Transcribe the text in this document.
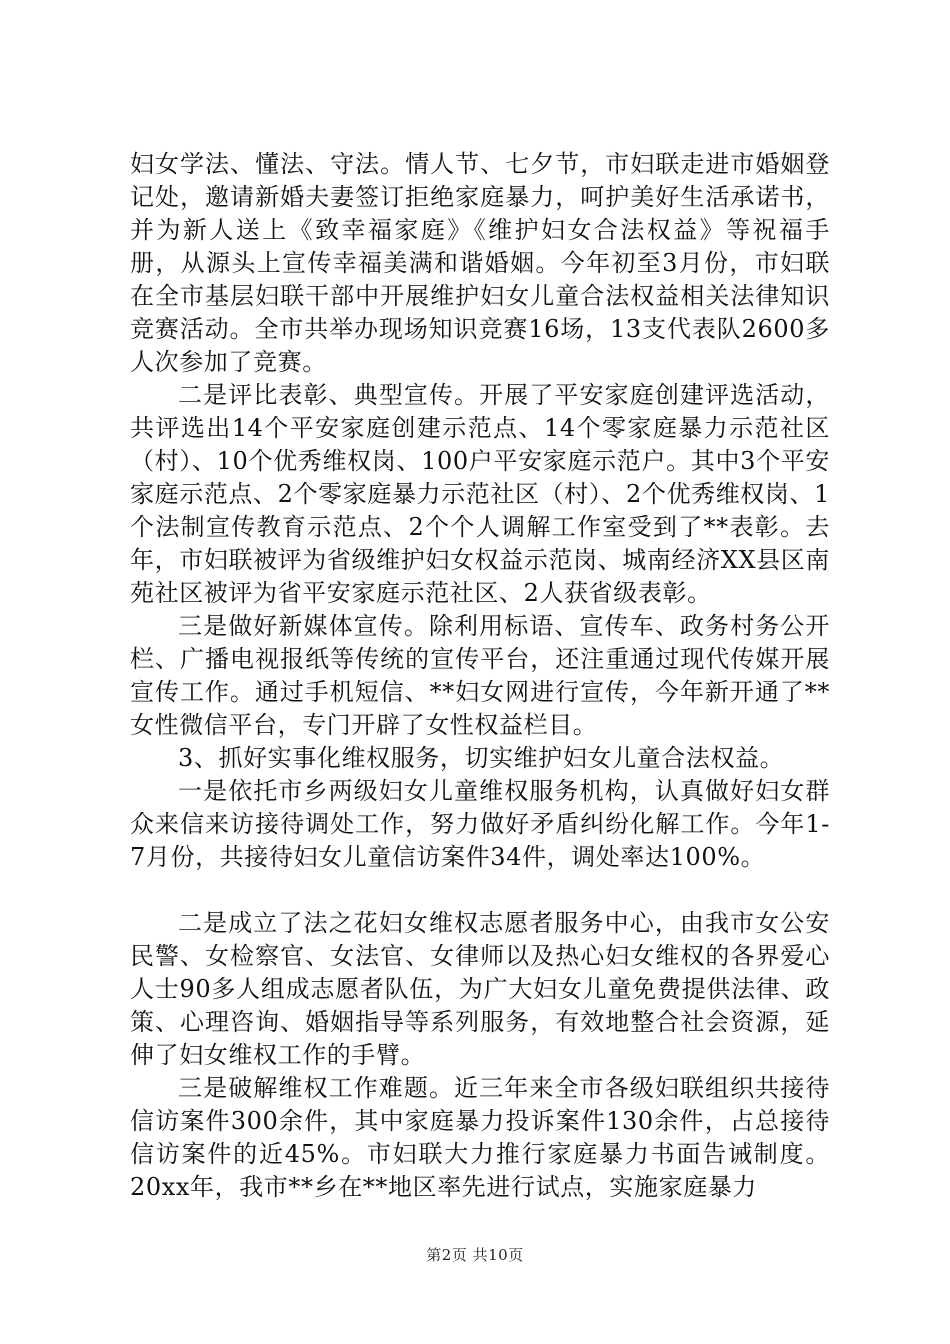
妇女学法、懂法、守法。情人节、七夕节，市妇联走进市婚姻登记处，邀请新婚夫妻签订拒绝家庭暴力，呵护美好生活承诺书，并为新人送上《致幸福家庭》《维护妇女合法权益》等祝福手册，从源头上宣传幸福美满和谐婚姻。今年初至3月份，市妇联在全市基层妇联干部中开展维护妇女儿童合法权益相关法律知识竞赛活动。全市共举办现场知识竞赛16场，13支代表队2600多人次参加了竞赛。

二是评比表彰、典型宣传。开展了平安家庭创建评选活动，共评选出14个平安家庭创建示范点、14个零家庭暴力示范社区（村）、10个优秀维权岗、100户平安家庭示范户。其中3个平安家庭示范点、2个零家庭暴力示范社区（村）、2个优秀维权岗、1个法制宣传教育示范点、2个个人调解工作室受到了**表彰。去年，市妇联被评为省级维护妇女权益示范岗、城南经济XX县区南苑社区被评为省平安家庭示范社区、2人获省级表彰。

三是做好新媒体宣传。除利用标语、宣传车、政务村务公开栏、广播电视报纸等传统的宣传平台，还注重通过现代传媒开展宣传工作。通过手机短信、**妇女网进行宣传，今年新开通了**女性微信平台，专门开辟了女性权益栏目。

3、抓好实事化维权服务，切实维护妇女儿童合法权益。

一是依托市乡两级妇女儿童维权服务机构，认真做好妇女群众来信来访接待调处工作，努力做好矛盾纠纷化解工作。今年1-7月份，共接待妇女儿童信访案件34件，调处率达100%。

二是成立了法之花妇女维权志愿者服务中心，由我市女公安民警、女检察官、女法官、女律师以及热心妇女维权的各界爱心人士90多人组成志愿者队伍，为广大妇女儿童免费提供法律、政策、心理咨询、婚姻指导等系列服务，有效地整合社会资源，延伸了妇女维权工作的手臂。

三是破解维权工作难题。近三年来全市各级妇联组织共接待信访案件300余件，其中家庭暴力投诉案件130余件，占总接待信访案件的近45%。市妇联大力推行家庭暴力书面告诫制度。20xx年，我市**乡在**地区率先进行试点，实施家庭暴力

第2页 共10页
